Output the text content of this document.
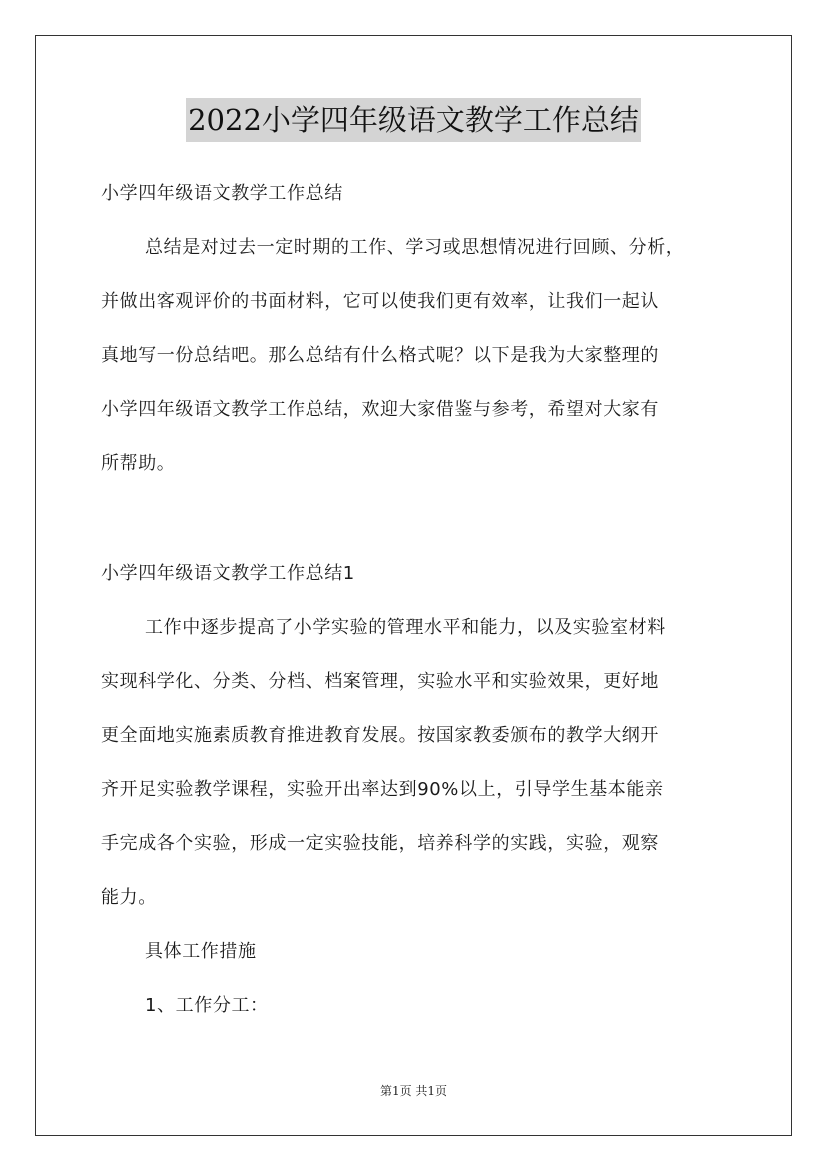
2022小学四年级语文教学工作总结
小学四年级语文教学工作总结
总结是对过去一定时期的工作、学习或思想情况进行回顾、分析，
并做出客观评价的书面材料，它可以使我们更有效率，让我们一起认
真地写一份总结吧。那么总结有什么格式呢？以下是我为大家整理的
小学四年级语文教学工作总结，欢迎大家借鉴与参考，希望对大家有
所帮助。
小学四年级语文教学工作总结1
工作中逐步提高了小学实验的管理水平和能力，以及实验室材料
实现科学化、分类、分档、档案管理，实验水平和实验效果，更好地
更全面地实施素质教育推进教育发展。按国家教委颁布的教学大纲开
齐开足实验教学课程，实验开出率达到90%以上，引导学生基本能亲
手完成各个实验，形成一定实验技能，培养科学的实践，实验，观察
能力。
具体工作措施
1、工作分工：
第1页 共1页
